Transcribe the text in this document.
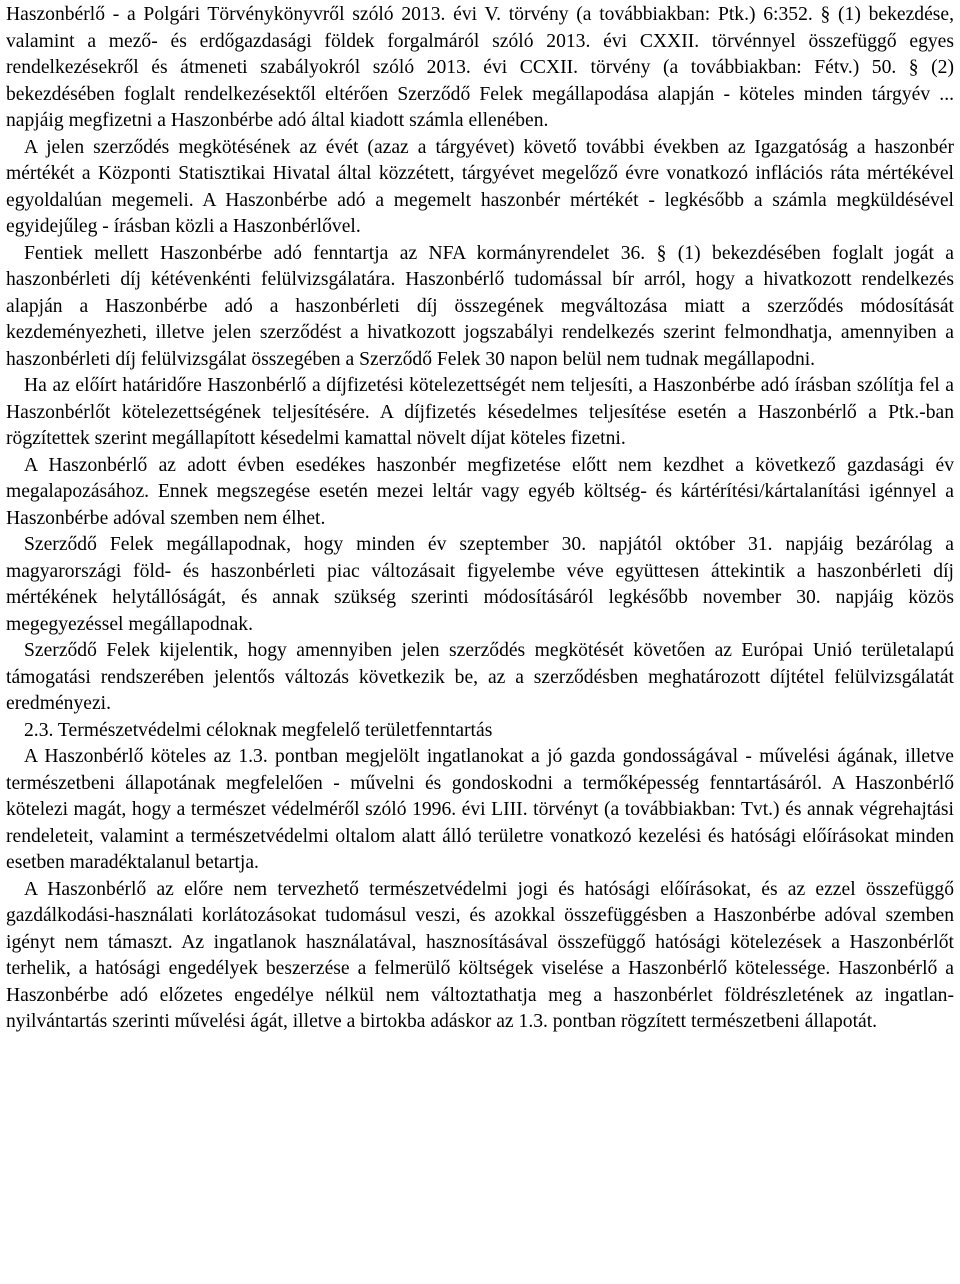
Haszonbérlő - a Polgári Törvénykönyvről szóló 2013. évi V. törvény (a továbbiakban: Ptk.) 6:352. § (1) bekezdése, valamint a mező- és erdőgazdasági földek forgalmáról szóló 2013. évi CXXII. törvénnyel összefüggő egyes rendelkezésekről és átmeneti szabályokról szóló 2013. évi CCXII. törvény (a továbbiakban: Fétv.) 50. § (2) bekezdésében foglalt rendelkezésektől eltérően Szerződő Felek megállapodása alapján - köteles minden tárgyév ... napjáig megfizetni a Haszonbérbe adó által kiadott számla ellenében.

A jelen szerződés megkötésének az évét (azaz a tárgyévet) követő további években az Igazgatóság a haszonbér mértékét a Központi Statisztikai Hivatal által közzétett, tárgyévet megelőző évre vonatkozó inflációs ráta mértékével egyoldalúan megemeli. A Haszonbérbe adó a megemelt haszonbér mértékét - legkésőbb a számla megküldésével egyidejűleg - írásban közli a Haszonbérlővel.

Fentiek mellett Haszonbérbe adó fenntartja az NFA kormányrendelet 36. § (1) bekezdésében foglalt jogát a haszonbérleti díj kétévenkénti felülvizsgálatára. Haszonbérlő tudomással bír arról, hogy a hivatkozott rendelkezés alapján a Haszonbérbe adó a haszonbérleti díj összegének megváltozása miatt a szerződés módosítását kezdeményezheti, illetve jelen szerződést a hivatkozott jogszabályi rendelkezés szerint felmondhatja, amennyiben a haszonbérleti díj felülvizsgálat összegében a Szerződő Felek 30 napon belül nem tudnak megállapodni.

Ha az előírt határidőre Haszonbérlő a díjfizetési kötelezettségét nem teljesíti, a Haszonbérbe adó írásban szólítja fel a Haszonbérlőt kötelezettségének teljesítésére. A díjfizetés késedelmes teljesítése esetén a Haszonbérlő a Ptk.-ban rögzítettek szerint megállapított késedelmi kamattal növelt díjat köteles fizetni.

A Haszonbérlő az adott évben esedékes haszonbér megfizetése előtt nem kezdhet a következő gazdasági év megalapozásához. Ennek megszegése esetén mezei leltár vagy egyéb költség- és kártérítési/kártalanítási igénnyel a Haszonbérbe adóval szemben nem élhet.

Szerződő Felek megállapodnak, hogy minden év szeptember 30. napjától október 31. napjáig bezárólag a magyarországi föld- és haszonbérleti piac változásait figyelembe véve együttesen áttekintik a haszonbérleti díj mértékének helytállóságát, és annak szükség szerinti módosításáról legkésőbb november 30. napjáig közös megegyezéssel megállapodnak.

Szerződő Felek kijelentik, hogy amennyiben jelen szerződés megkötését követően az Európai Unió területalapú támogatási rendszerében jelentős változás következik be, az a szerződésben meghatározott díjtétel felülvizsgálatát eredményezi.

2.3. Természetvédelmi céloknak megfelelő területfenntartás

A Haszonbérlő köteles az 1.3. pontban megjelölt ingatlanokat a jó gazda gondosságával - művelési ágának, illetve természetbeni állapotának megfelelően - művelni és gondoskodni a termőképesség fenntartásáról. A Haszonbérlő kötelezi magát, hogy a természet védelméről szóló 1996. évi LIII. törvényt (a továbbiakban: Tvt.) és annak végrehajtási rendeleteit, valamint a természetvédelmi oltalom alatt álló területre vonatkozó kezelési és hatósági előírásokat minden esetben maradéktalanul betartja.

A Haszonbérlő az előre nem tervezhető természetvédelmi jogi és hatósági előírásokat, és az ezzel összefüggő gazdálkodási-használati korlátozásokat tudomásul veszi, és azokkal összefüggésben a Haszonbérbe adóval szemben igényt nem támaszt. Az ingatlanok használatával, hasznosításával összefüggő hatósági kötelezések a Haszonbérlőt terhelik, a hatósági engedélyek beszerzése a felmerülő költségek viselése a Haszonbérlő kötelessége. Haszonbérlő a Haszonbérbe adó előzetes engedélye nélkül nem változtathatja meg a haszonbérlet földrészletének az ingatlan-nyilvántartás szerinti művelési ágát, illetve a birtokba adáskor az 1.3. pontban rögzített természetbeni állapotát.
